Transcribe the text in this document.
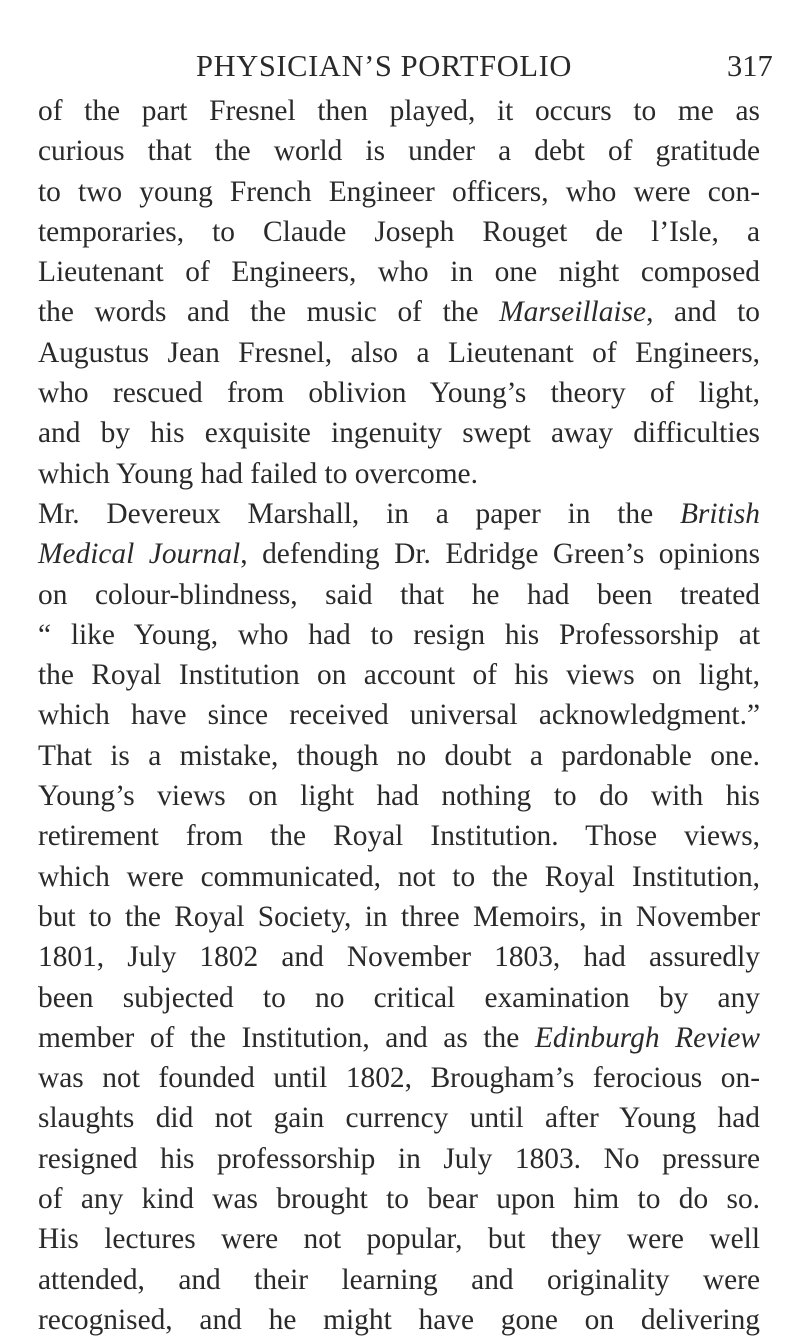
PHYSICIAN’S PORTFOLIO	317
of the part Fresnel then played, it occurs to me as
curious that the world is under a debt of gratitude
to two young French Engineer officers, who were con-
temporaries, to Claude Joseph Rouget de l’Isle, a
Lieutenant of Engineers, who in one night composed
the words and the music of the Marseillaise, and to
Augustus Jean Fresnel, also a Lieutenant of Engineers,
who rescued from oblivion Young’s theory of light,
and by his exquisite ingenuity swept away difficulties
which Young had failed to overcome.
Mr. Devereux Marshall, in a paper in the British
Medical Journal, defending Dr. Edridge Green’s opinions
on colour-blindness, said that he had been treated
“ like Young, who had to resign his Professorship at
the Royal Institution on account of his views on light,
which have since received universal acknowledgment.”
That is a mistake, though no doubt a pardonable one.
Young’s views on light had nothing to do with his
retirement from the Royal Institution. Those views,
which were communicated, not to the Royal Institution,
but to the Royal Society, in three Memoirs, in November
1801, July 1802 and November 1803, had assuredly
been subjected to no critical examination by any
member of the Institution, and as the Edinburgh Review
was not founded until 1802, Brougham’s ferocious on-
slaughts did not gain currency until after Young had
resigned his professorship in July 1803. No pressure
of any kind was brought to bear upon him to do so.
His lectures were not popular, but they were well
attended, and their learning and originality were
recognised, and he might have gone on delivering
